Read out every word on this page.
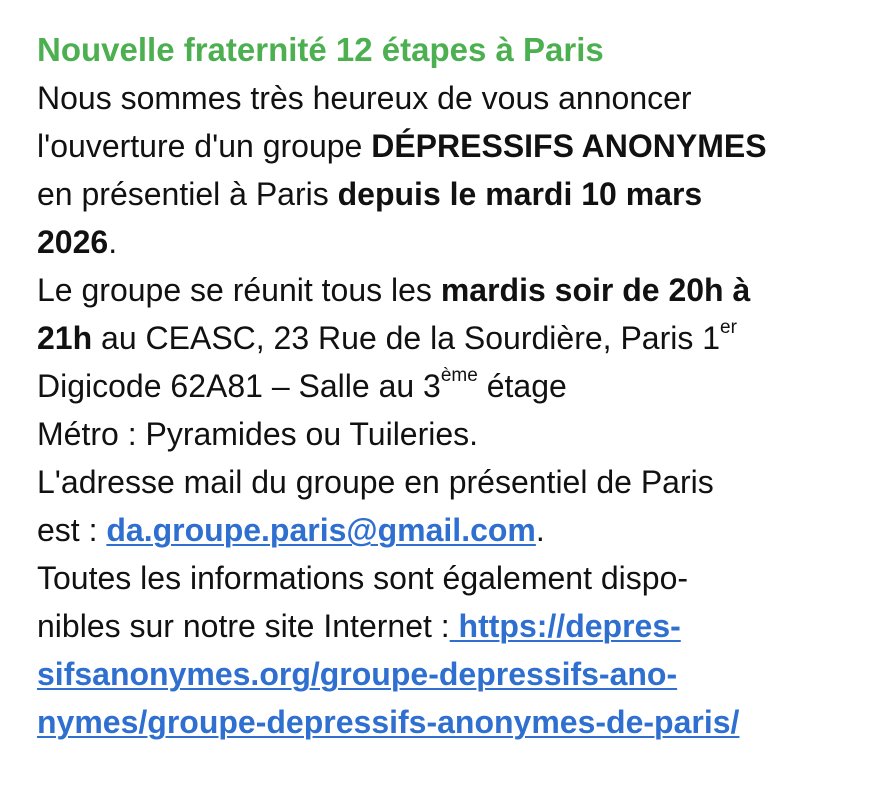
Nouvelle fraternité 12 étapes à Paris

Nous sommes très heureux de vous annoncer

l'ouverture d'un groupe DÉPRESSIFS ANONYMES

en présentiel à Paris depuis le mardi 10 mars

2026.

Le groupe se réunit tous les mardis soir de 20h à

21h au CEASC, 23 Rue de la Sourdière, Paris 1er

Digicode 62A81 – Salle au 3ème étage

Métro : Pyramides ou Tuileries.

L'adresse mail du groupe en présentiel de Paris

est : da.groupe.paris@gmail.com.

Toutes les informations sont également dispo-

nibles sur notre site Internet : https://depres-

sifsanonymes.org/groupe-depressifs-ano-

nymes/groupe-depressifs-anonymes-de-paris/
